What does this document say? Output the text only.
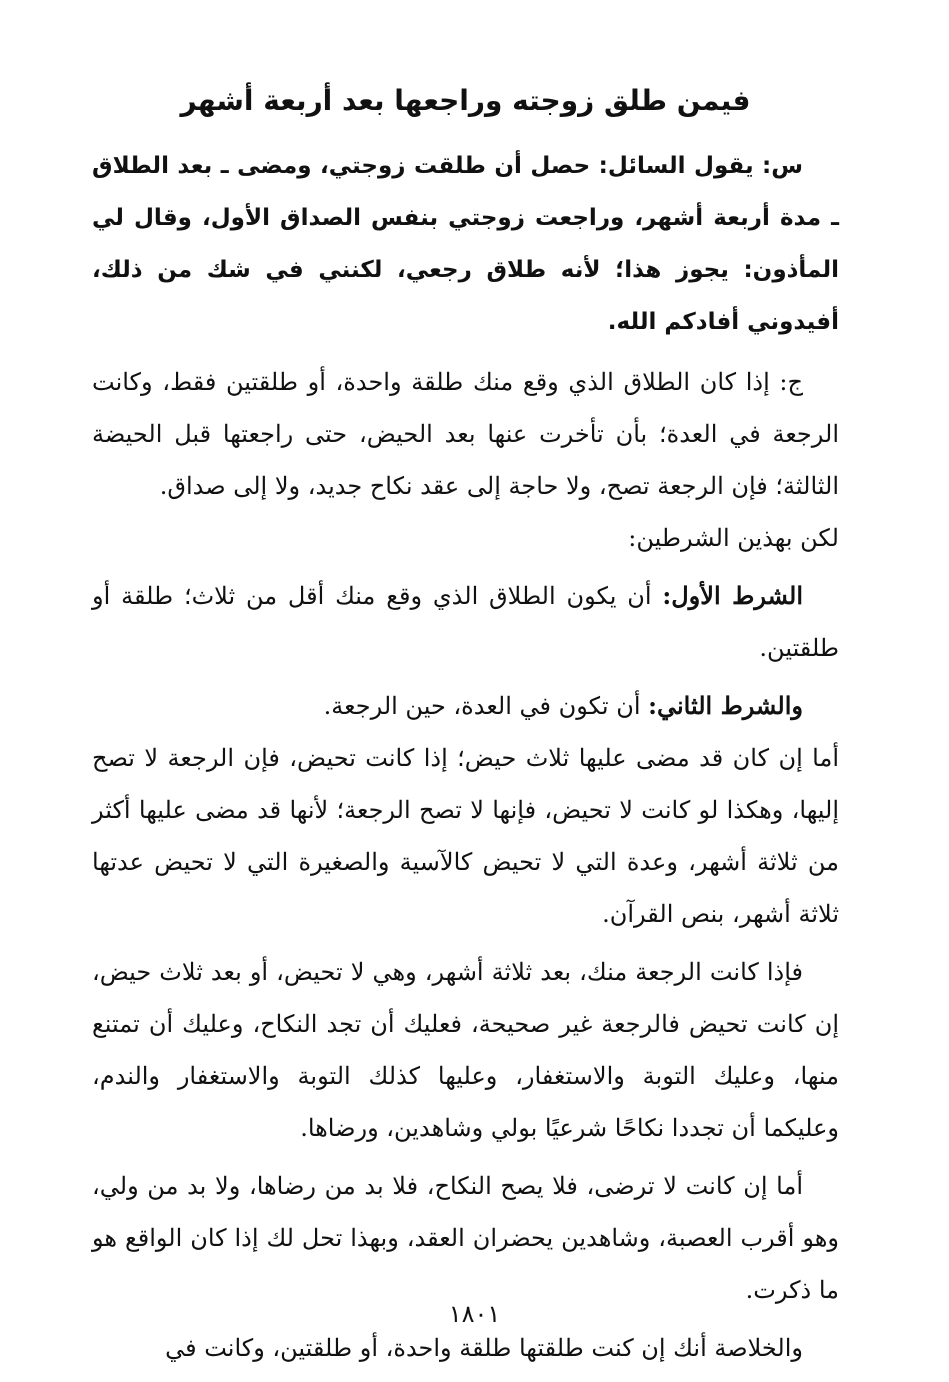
فيمن طلق زوجته وراجعها بعد أربعة أشهر

س: يقول السائل: حصل أن طلقت زوجتي، ومضى ـ بعد الطلاق ـ مدة أربعة أشهر، وراجعت زوجتي بنفس الصداق الأول، وقال لي المأذون: يجوز هذا؛ لأنه طلاق رجعي، لكنني في شك من ذلك، أفيدوني أفادكم الله.

ج: إذا كان الطلاق الذي وقع منك طلقة واحدة، أو طلقتين فقط، وكانت الرجعة في العدة؛ بأن تأخرت عنها بعد الحيض، حتى راجعتها قبل الحيضة الثالثة؛ فإن الرجعة تصح، ولا حاجة إلى عقد نكاح جديد، ولا إلى صداق.

لكن بهذين الشرطين:

الشرط الأول: أن يكون الطلاق الذي وقع منك أقل من ثلاث؛ طلقة أو طلقتين.

والشرط الثاني: أن تكون في العدة، حين الرجعة.

أما إن كان قد مضى عليها ثلاث حيض؛ إذا كانت تحيض، فإن الرجعة لا تصح إليها، وهكذا لو كانت لا تحيض، فإنها لا تصح الرجعة؛ لأنها قد مضى عليها أكثر من ثلاثة أشهر، وعدة التي لا تحيض كالآسية والصغيرة التي لا تحيض عدتها ثلاثة أشهر، بنص القرآن.

فإذا كانت الرجعة منك، بعد ثلاثة أشهر، وهي لا تحيض، أو بعد ثلاث حيض، إن كانت تحيض فالرجعة غير صحيحة، فعليك أن تجد النكاح، وعليك أن تمتنع منها، وعليك التوبة والاستغفار، وعليها كذلك التوبة والاستغفار والندم، وعليكما أن تجددا نكاحًا شرعيًا بولي وشاهدين، ورضاها.

أما إن كانت لا ترضى، فلا يصح النكاح، فلا بد من رضاها، ولا بد من ولي، وهو أقرب العصبة، وشاهدين يحضران العقد، وبهذا تحل لك إذا كان الواقع هو ما ذكرت.

والخلاصة أنك إن كنت طلقتها طلقة واحدة، أو طلقتين، وكانت في

١٨٠١
